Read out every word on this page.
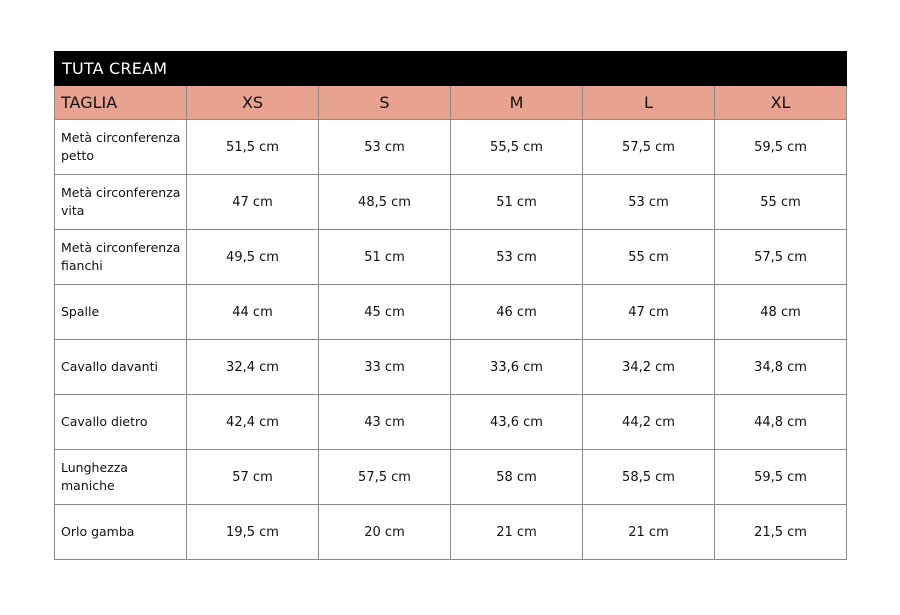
TUTA CREAM					
TAGLIA	XS	S	M	L	XL
Metà circonferenza petto	51,5 cm	53 cm	55,5 cm	57,5 cm	59,5 cm
Metà circonferenza vita	47 cm	48,5 cm	51 cm	53 cm	55 cm
Metà circonferenza fianchi	49,5 cm	51 cm	53 cm	55 cm	57,5 cm
Spalle	44 cm	45 cm	46 cm	47 cm	48 cm
Cavallo davanti	32,4 cm	33 cm	33,6 cm	34,2 cm	34,8 cm
Cavallo dietro	42,4 cm	43 cm	43,6 cm	44,2 cm	44,8 cm
Lunghezza maniche	57 cm	57,5 cm	58 cm	58,5 cm	59,5 cm
Orlo gamba	19,5 cm	20 cm	21 cm	21 cm	21,5 cm
